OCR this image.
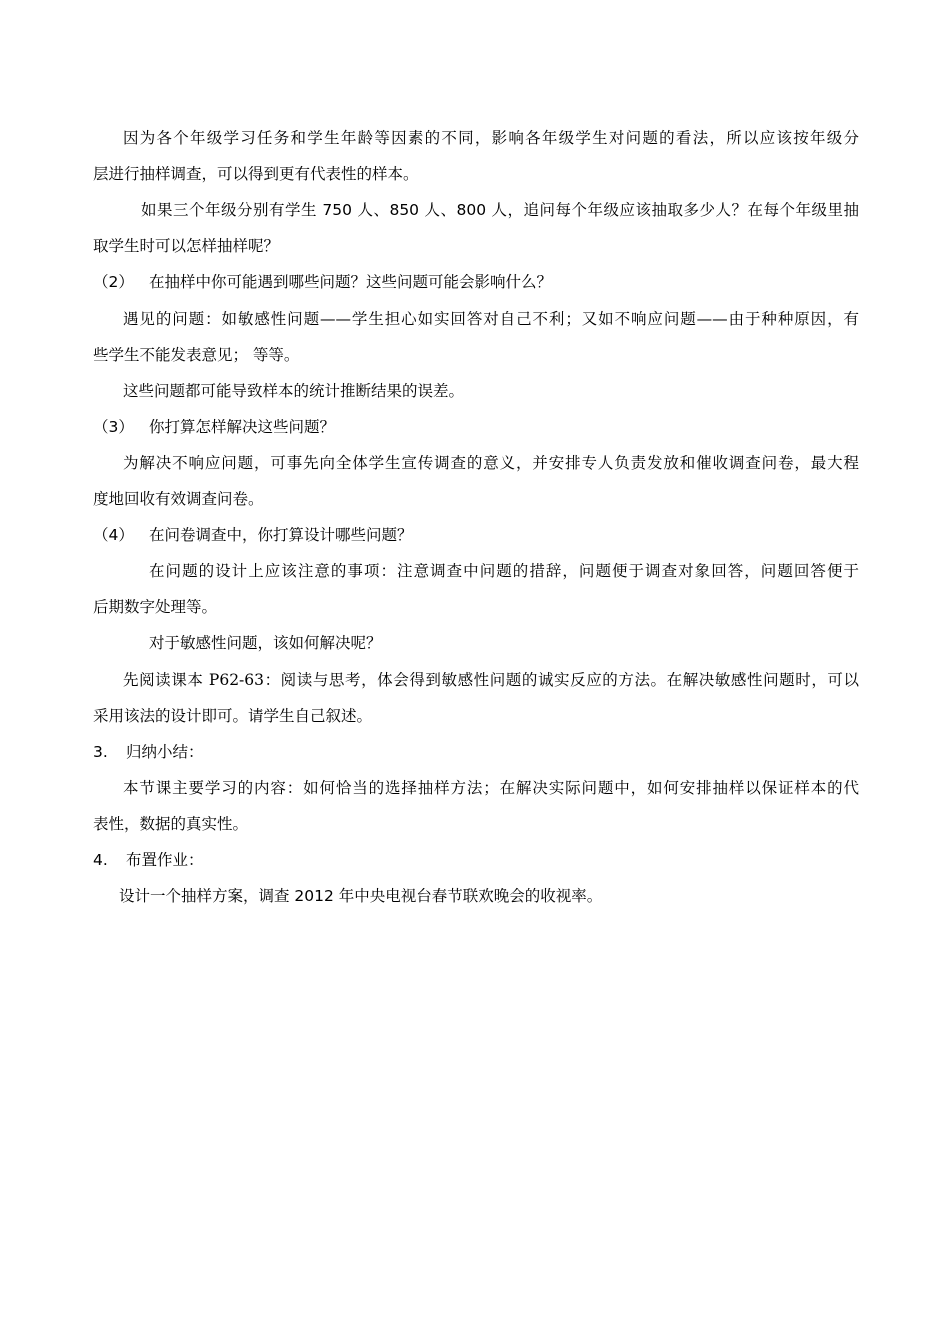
因为各个年级学习任务和学生年龄等因素的不同，影响各年级学生对问题的看法，所以应该按年级分
层进行抽样调查，可以得到更有代表性的样本。
如果三个年级分别有学生 750 人、850 人、800 人，追问每个年级应该抽取多少人？在每个年级里抽
取学生时可以怎样抽样呢？
（2） 在抽样中你可能遇到哪些问题？这些问题可能会影响什么？
遇见的问题：如敏感性问题——学生担心如实回答对自己不利；又如不响应问题——由于种种原因，有
些学生不能发表意见； 等等。
这些问题都可能导致样本的统计推断结果的误差。
（3） 你打算怎样解决这些问题？
为解决不响应问题，可事先向全体学生宣传调查的意义，并安排专人负责发放和催收调查问卷，最大程
度地回收有效调查问卷。
（4） 在问卷调查中，你打算设计哪些问题？
在问题的设计上应该注意的事项：注意调查中问题的措辞，问题便于调查对象回答，问题回答便于
后期数字处理等。
对于敏感性问题，该如何解决呢？
先阅读课本 P62-63：阅读与思考，体会得到敏感性问题的诚实反应的方法。在解决敏感性问题时，可以
采用该法的设计即可。请学生自己叙述。
3. 归纳小结：
本节课主要学习的内容：如何恰当的选择抽样方法；在解决实际问题中，如何安排抽样以保证样本的代
表性，数据的真实性。
4. 布置作业：
设计一个抽样方案，调查 2012 年中央电视台春节联欢晚会的收视率。
